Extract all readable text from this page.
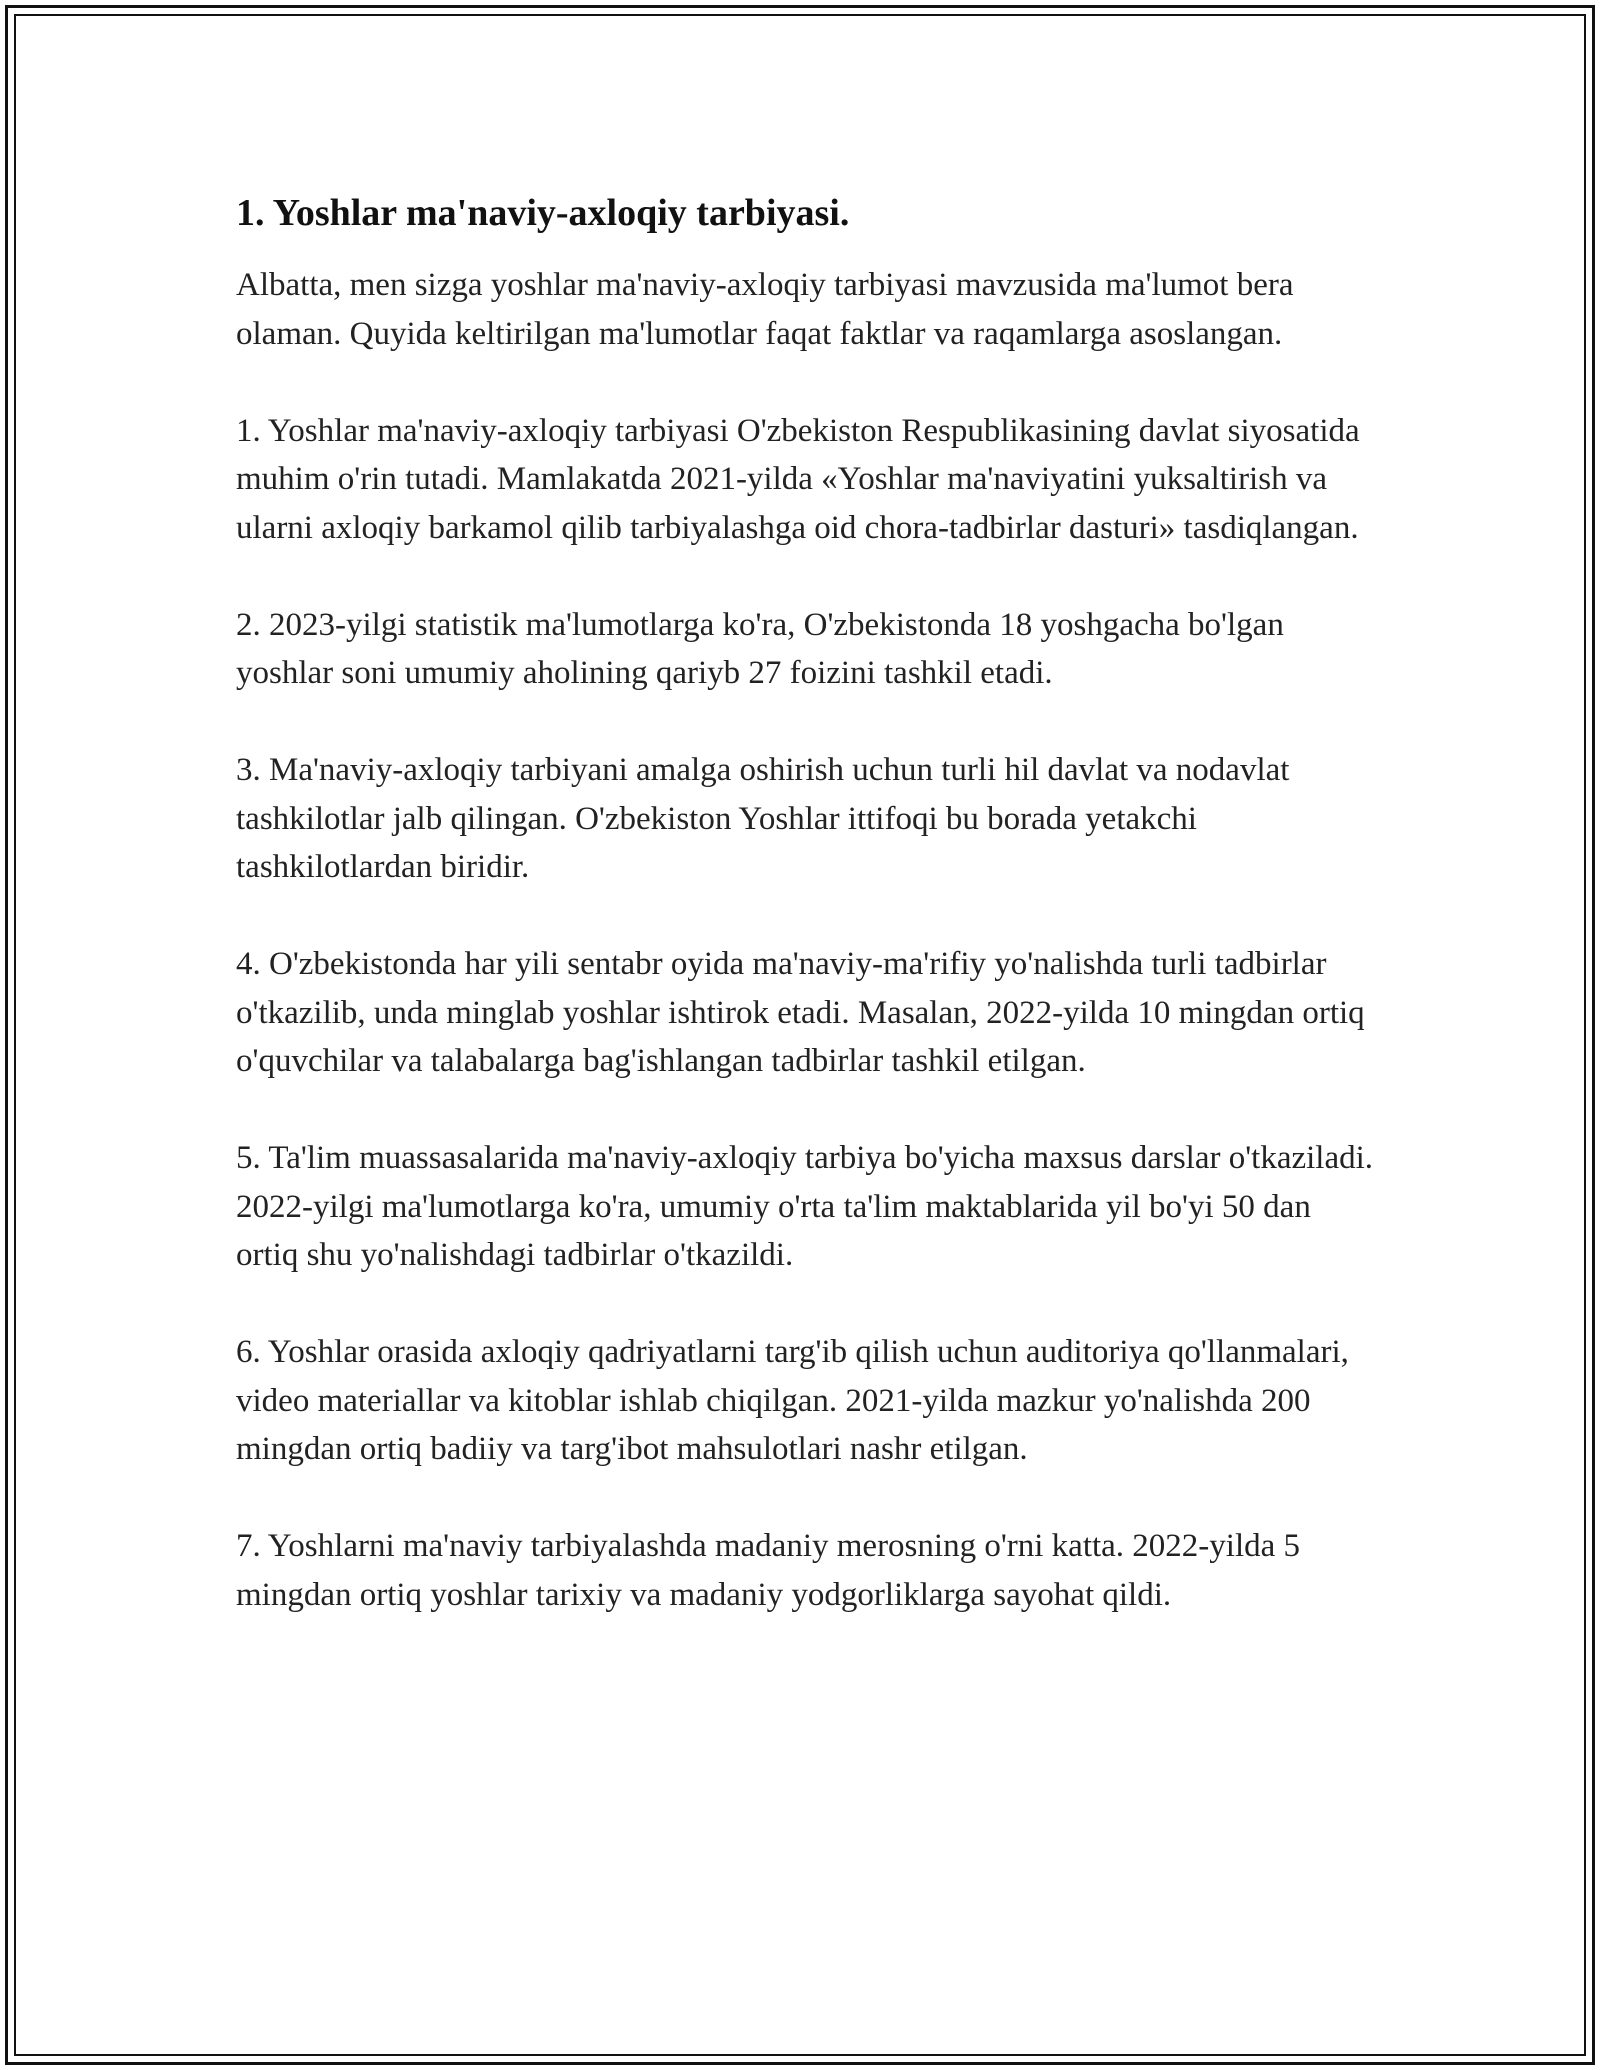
1. Yoshlar ma'naviy-axloqiy tarbiyasi.

Albatta, men sizga yoshlar ma'naviy-axloqiy tarbiyasi mavzusida ma'lumot bera olaman. Quyida keltirilgan ma'lumotlar faqat faktlar va raqamlarga asoslangan.

1. Yoshlar ma'naviy-axloqiy tarbiyasi O'zbekiston Respublikasining davlat siyosatida muhim o'rin tutadi. Mamlakatda 2021-yilda «Yoshlar ma'naviyatini yuksaltirish va ularni axloqiy barkamol qilib tarbiyalashga oid chora-tadbirlar dasturi» tasdiqlangan.

2. 2023-yilgi statistik ma'lumotlarga ko'ra, O'zbekistonda 18 yoshgacha bo'lgan yoshlar soni umumiy aholining qariyb 27 foizini tashkil etadi.

3. Ma'naviy-axloqiy tarbiyani amalga oshirish uchun turli hil davlat va nodavlat tashkilotlar jalb qilingan. O'zbekiston Yoshlar ittifoqi bu borada yetakchi tashkilotlardan biridir.

4. O'zbekistonda har yili sentabr oyida ma'naviy-ma'rifiy yo'nalishda turli tadbirlar o'tkazilib, unda minglab yoshlar ishtirok etadi. Masalan, 2022-yilda 10 mingdan ortiq o'quvchilar va talabalarga bag'ishlangan tadbirlar tashkil etilgan.

5. Ta'lim muassasalarida ma'naviy-axloqiy tarbiya bo'yicha maxsus darslar o'tkaziladi. 2022-yilgi ma'lumotlarga ko'ra, umumiy o'rta ta'lim maktablarida yil bo'yi 50 dan ortiq shu yo'nalishdagi tadbirlar o'tkazildi.

6. Yoshlar orasida axloqiy qadriyatlarni targ'ib qilish uchun auditoriya qo'llanmalari, video materiallar va kitoblar ishlab chiqilgan. 2021-yilda mazkur yo'nalishda 200 mingdan ortiq badiiy va targ'ibot mahsulotlari nashr etilgan.

7. Yoshlarni ma'naviy tarbiyalashda madaniy merosning o'rni katta. 2022-yilda 5 mingdan ortiq yoshlar tarixiy va madaniy yodgorliklarga sayohat qildi.
